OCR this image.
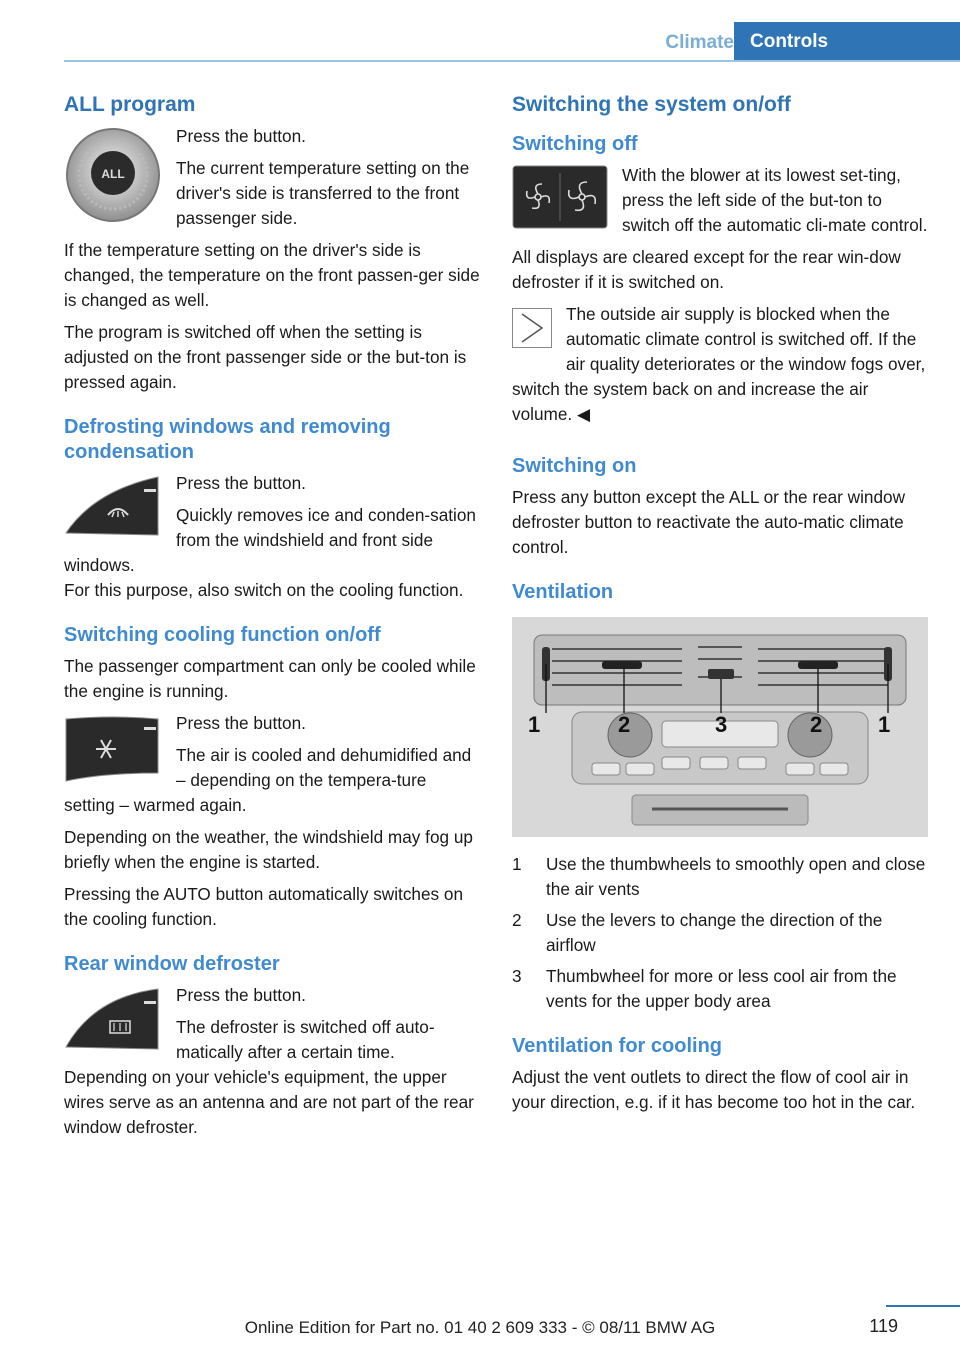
Climate Controls
ALL program
ALL

Press the button.

The current temperature setting on the driver's side is transferred to the front passenger side.

If the temperature setting on the driver's side is changed, the temperature on the front passen-ger side is changed as well.

The program is switched off when the setting is adjusted on the front passenger side or the but-ton is pressed again.

Defrosting windows and removing condensation

Press the button.

Quickly removes ice and conden-sation from the windshield and front side windows.

For this purpose, also switch on the cooling function.

Switching cooling function on/off

The passenger compartment can only be cooled while the engine is running.

Press the button.

The air is cooled and dehumidified and – depending on the tempera-ture setting – warmed again.

Depending on the weather, the windshield may fog up briefly when the engine is started.

Pressing the AUTO button automatically switches on the cooling function.

Rear window defroster

Press the button.

The defroster is switched off auto-matically after a certain time.

Depending on your vehicle's equipment, the upper wires serve as an antenna and are not part of the rear window defroster.

Switching the system on/off
Switching off

With the blower at its lowest set-ting, press the left side of the but-ton to switch off the automatic cli-mate control.

All displays are cleared except for the rear win-dow defroster if it is switched on.

The outside air supply is blocked when the automatic climate control is switched off. If the air quality deteriorates or the window fogs over, switch the system back on and increase the air volume. ◀

Switching on

Press any button except the ALL or the rear window defroster button to reactivate the auto-matic climate control.

Ventilation
1	2	3	2	1
1	Use the thumbwheels to smoothly open and close the air vents
2	Use the levers to change the direction of the airflow
3	Thumbwheel for more or less cool air from the vents for the upper body area
Ventilation for cooling

Adjust the vent outlets to direct the flow of cool air in your direction, e.g. if it has become too hot in the car.

119
Online Edition for Part no. 01 40 2 609 333 - © 08/11 BMW AG
